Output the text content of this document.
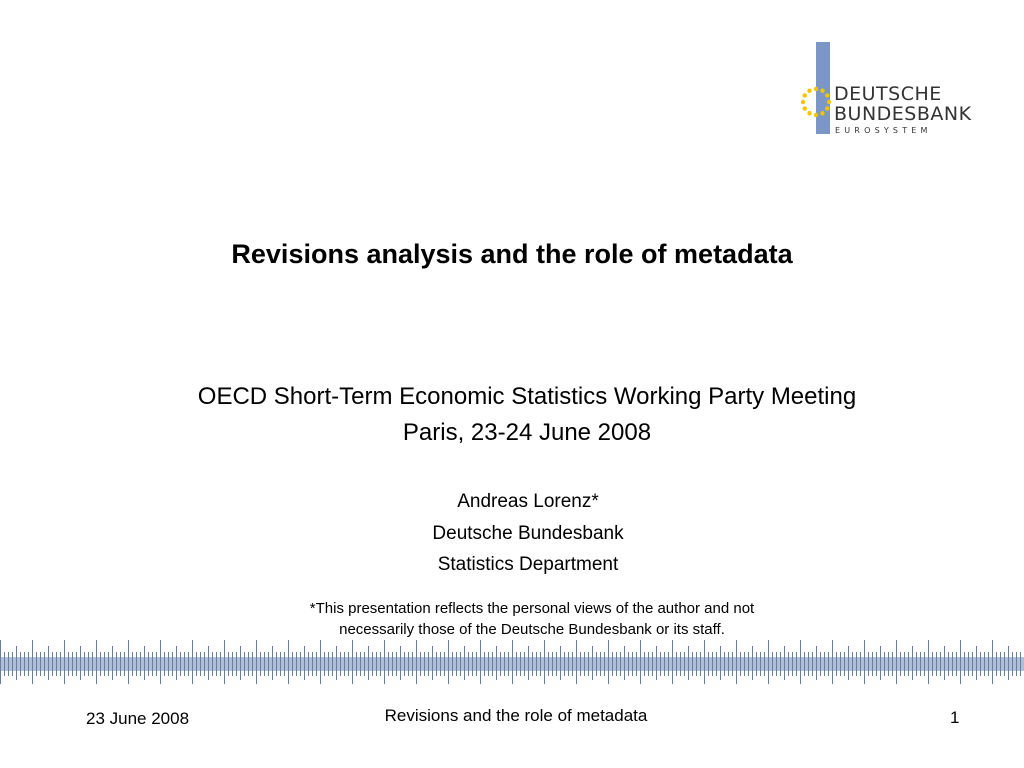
DEUTSCHE
BUNDESBANK
EUROSYSTEM
Revisions analysis and the role of metadata
OECD Short-Term Economic Statistics Working Party Meeting
Paris, 23-24 June 2008
Andreas Lorenz*
Deutsche Bundesbank
Statistics Department
*This presentation reflects the personal views of the author and not
necessarily those of the Deutsche Bundesbank or its staff.
23 June 2008	Revisions and the role of metadata	1
